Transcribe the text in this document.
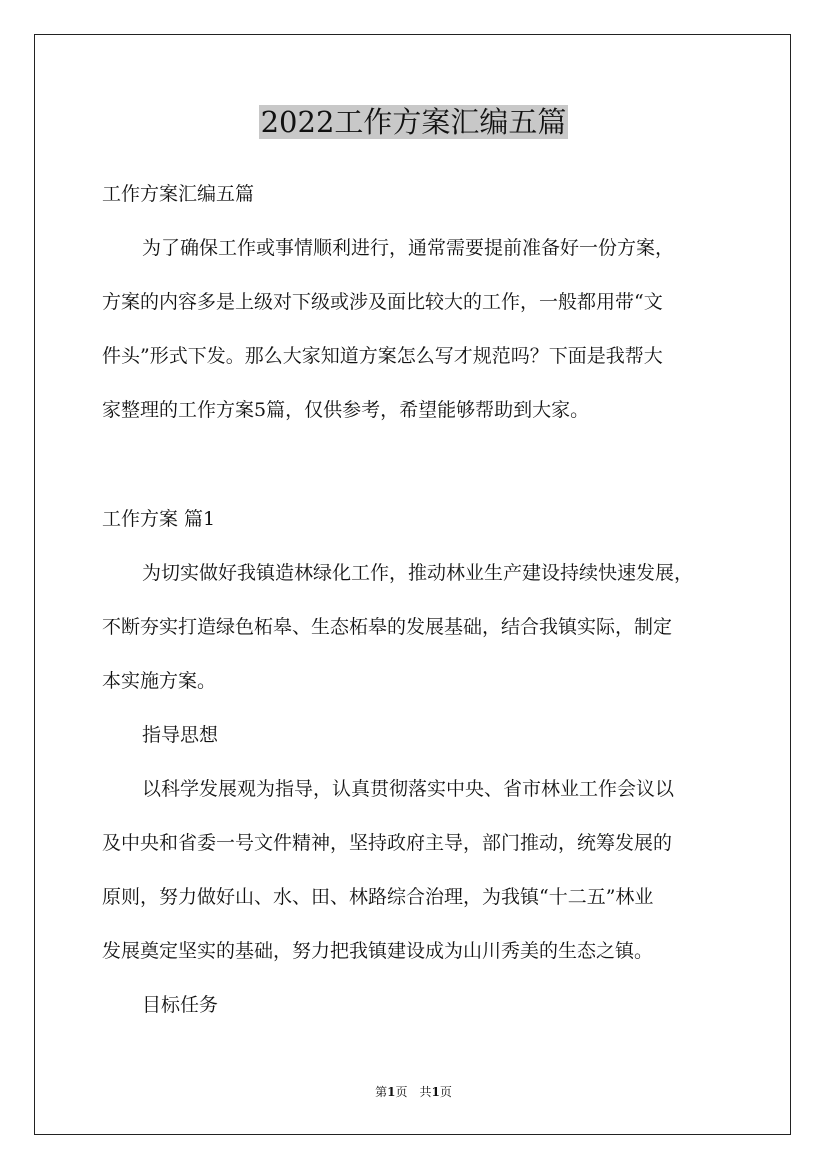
2022工作方案汇编五篇

工作方案汇编五篇

为了确保工作或事情顺利进行，通常需要提前准备好一份方案，

方案的内容多是上级对下级或涉及面比较大的工作，一般都用带“文

件头”形式下发。那么大家知道方案怎么写才规范吗？下面是我帮大

家整理的工作方案5篇，仅供参考，希望能够帮助到大家。

工作方案 篇1

为切实做好我镇造林绿化工作，推动林业生产建设持续快速发展，

不断夯实打造绿色柘皋、生态柘皋的发展基础，结合我镇实际，制定

本实施方案。

指导思想

以科学发展观为指导，认真贯彻落实中央、省市林业工作会议以

及中央和省委一号文件精神，坚持政府主导，部门推动，统筹发展的

原则，努力做好山、水、田、林路综合治理，为我镇“十二五”林业

发展奠定坚实的基础，努力把我镇建设成为山川秀美的生态之镇。

目标任务

第1页　共1页
